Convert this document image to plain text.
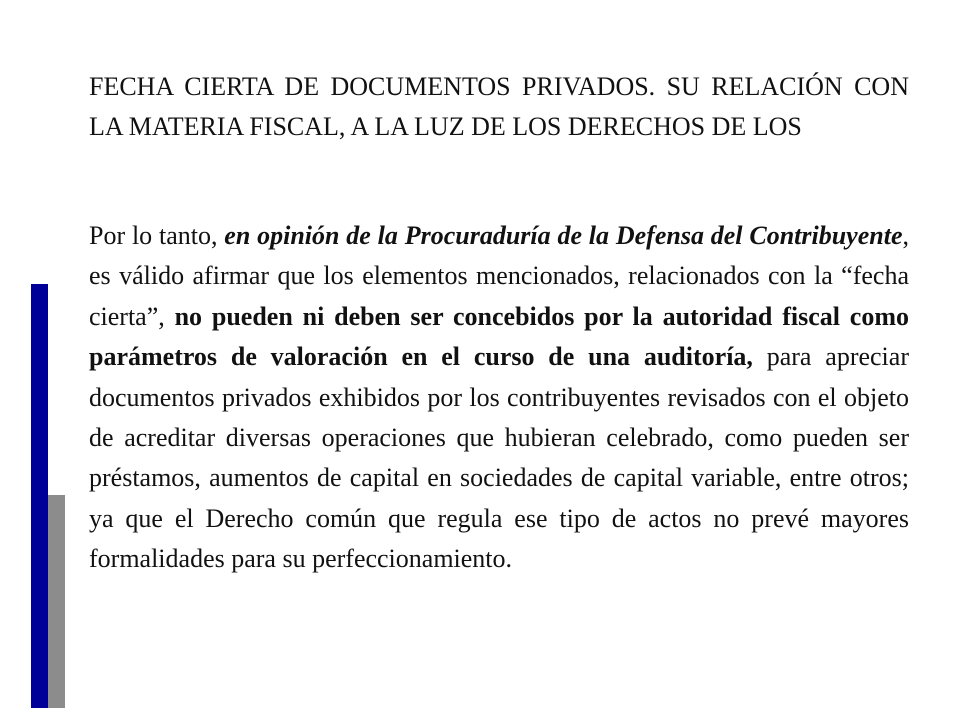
FECHA CIERTA DE DOCUMENTOS PRIVADOS. SU RELACIÓN CON LA MATERIA FISCAL, A LA LUZ DE LOS DERECHOS DE LOS

Por lo tanto, en opinión de la Procuraduría de la Defensa del Contribuyente, es válido afirmar que los elementos mencionados, relacionados con la “fecha cierta”, no pueden ni deben ser concebidos por la autoridad fiscal como parámetros de valoración en el curso de una auditoría, para apreciar documentos privados exhibidos por los contribuyentes revisados con el objeto de acreditar diversas operaciones que hubieran celebrado, como pueden ser préstamos, aumentos de capital en sociedades de capital variable, entre otros; ya que el Derecho común que regula ese tipo de actos no prevé mayores formalidades para su perfeccionamiento.
